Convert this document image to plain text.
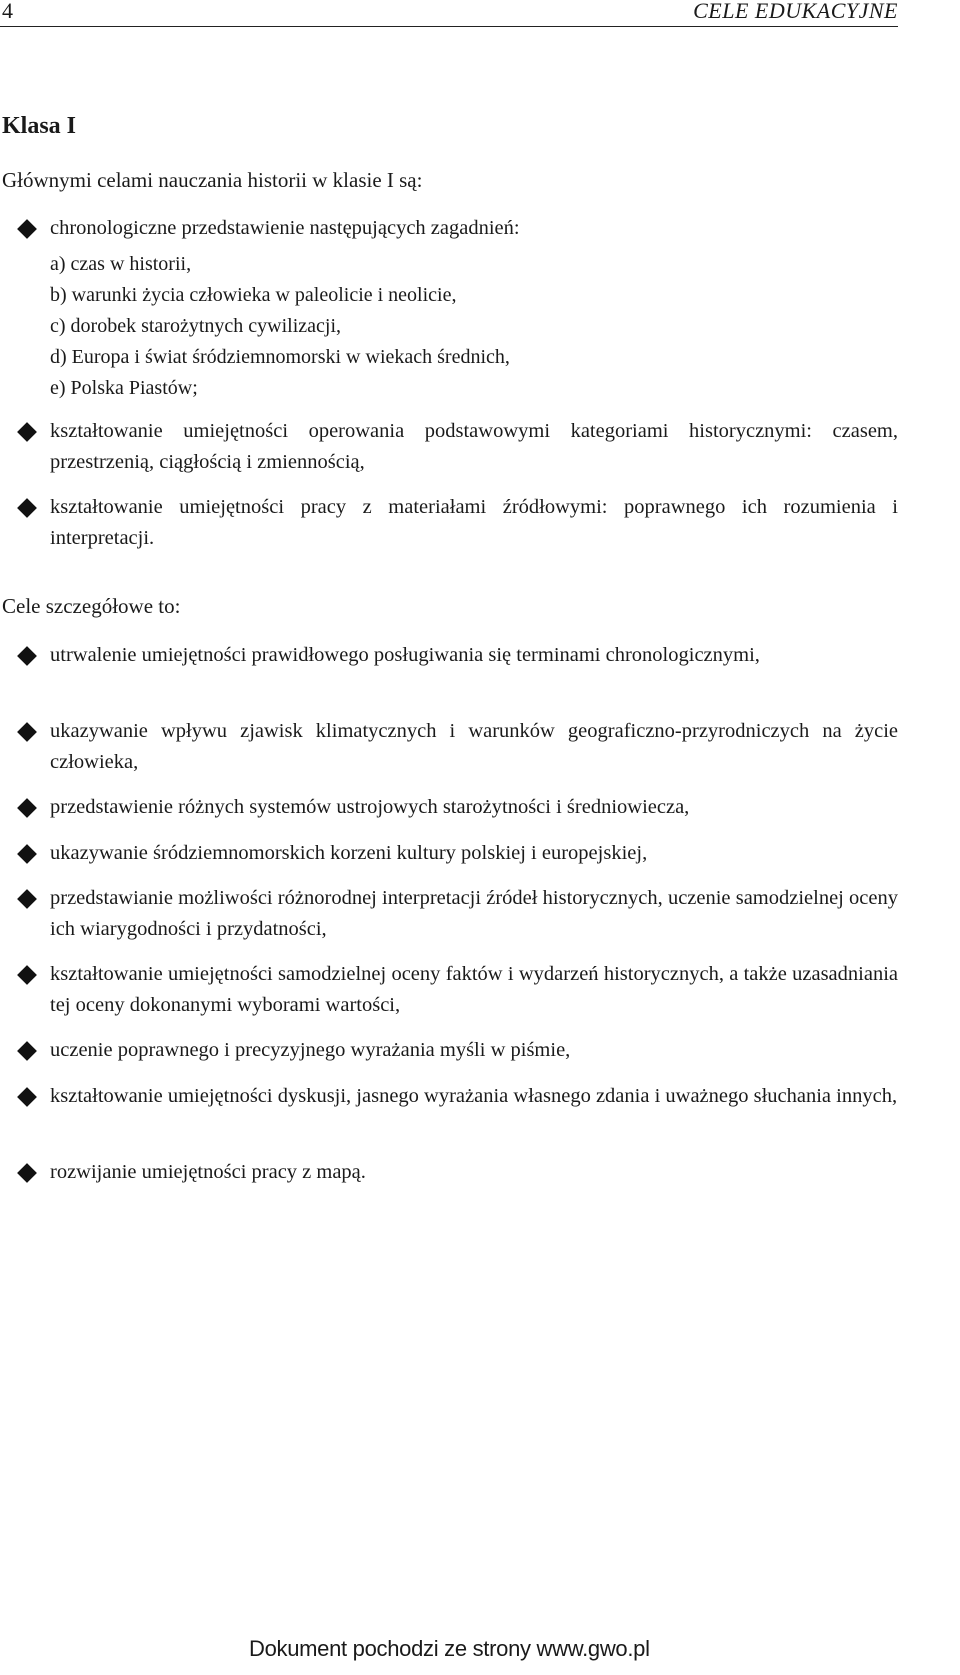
4	CELE EDUKACYJNE
Klasa I
Głównymi celami nauczania historii w klasie I są:
chronologiczne przedstawienie następujących zagadnień:
a) czas w historii,
b) warunki życia człowieka w paleolicie i neolicie,
c) dorobek starożytnych cywilizacji,
d) Europa i świat śródziemnomorski w wiekach średnich,
e) Polska Piastów;
kształtowanie umiejętności operowania podstawowymi kategoriami historycznymi: czasem, przestrzenią, ciągłością i zmiennością,
kształtowanie umiejętności pracy z materiałami źródłowymi: poprawnego ich rozumienia i interpretacji.
Cele szczegółowe to:
utrwalenie umiejętności prawidłowego posługiwania się terminami chronologicznymi,
ukazywanie wpływu zjawisk klimatycznych i warunków geograficzno-przyrodniczych na życie człowieka,
przedstawienie różnych systemów ustrojowych starożytności i średniowiecza,
ukazywanie śródziemnomorskich korzeni kultury polskiej i europejskiej,
przedstawianie możliwości różnorodnej interpretacji źródeł historycznych, uczenie samodzielnej oceny ich wiarygodności i przydatności,
kształtowanie umiejętności samodzielnej oceny faktów i wydarzeń historycznych, a także uzasadniania tej oceny dokonanymi wyborami wartości,
uczenie poprawnego i precyzyjnego wyrażania myśli w piśmie,
kształtowanie umiejętności dyskusji, jasnego wyrażania własnego zdania i uważnego słuchania innych,
rozwijanie umiejętności pracy z mapą.
Dokument pochodzi ze strony www.gwo.pl
